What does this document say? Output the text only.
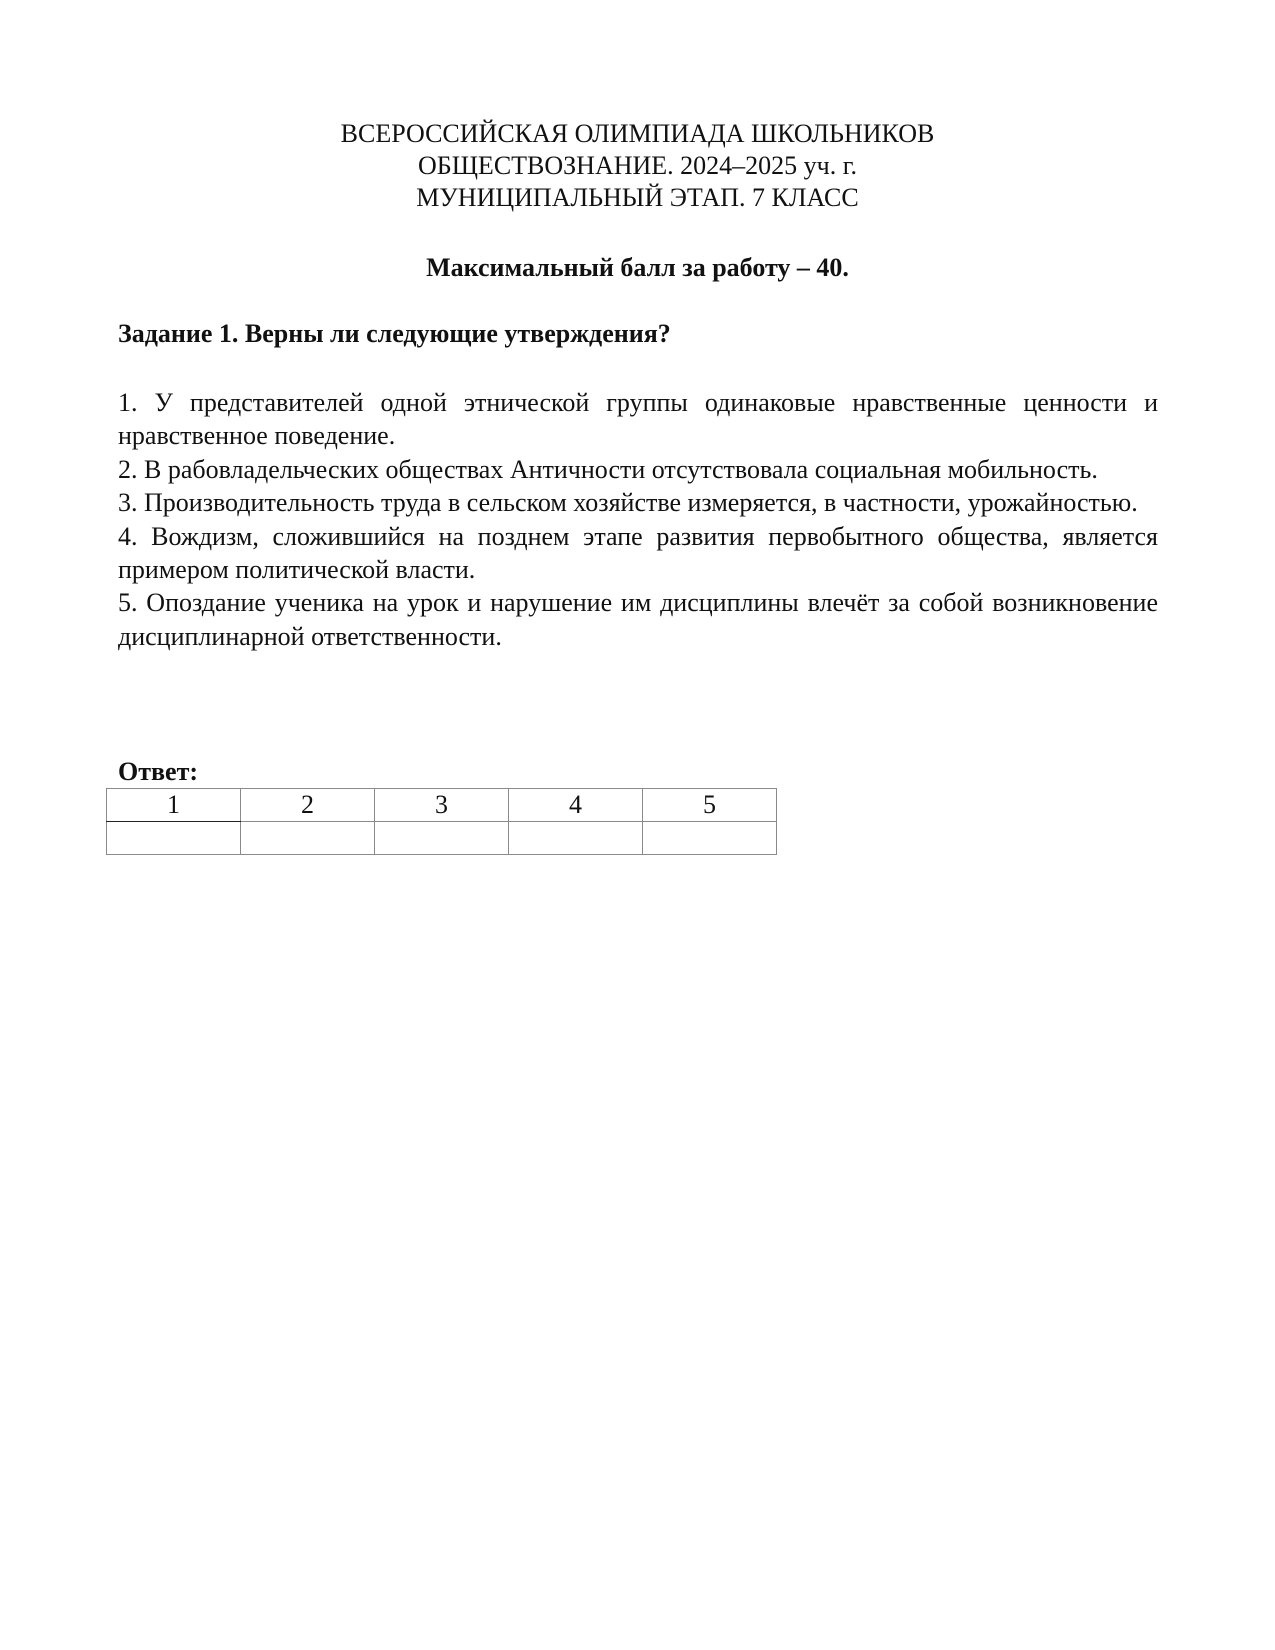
ВСЕРОССИЙСКАЯ ОЛИМПИАДА ШКОЛЬНИКОВ
ОБЩЕСТВОЗНАНИЕ. 2024–2025 уч. г.
МУНИЦИПАЛЬНЫЙ ЭТАП. 7 КЛАСС
Максимальный балл за работу – 40.
Задание 1. Верны ли следующие утверждения?

1. У представителей одной этнической группы одинаковые нравственные ценности и нравственное поведение.

2. В рабовладельческих обществах Античности отсутствовала социальная мобильность.

3. Производительность труда в сельском хозяйстве измеряется, в частности, урожайностью.

4. Вождизм, сложившийся на позднем этапе развития первобытного общества, является примером политической власти.

5. Опоздание ученика на урок и нарушение им дисциплины влечёт за собой возникновение дисциплинарной ответственности.

Ответ:
1	2	3	4	5
